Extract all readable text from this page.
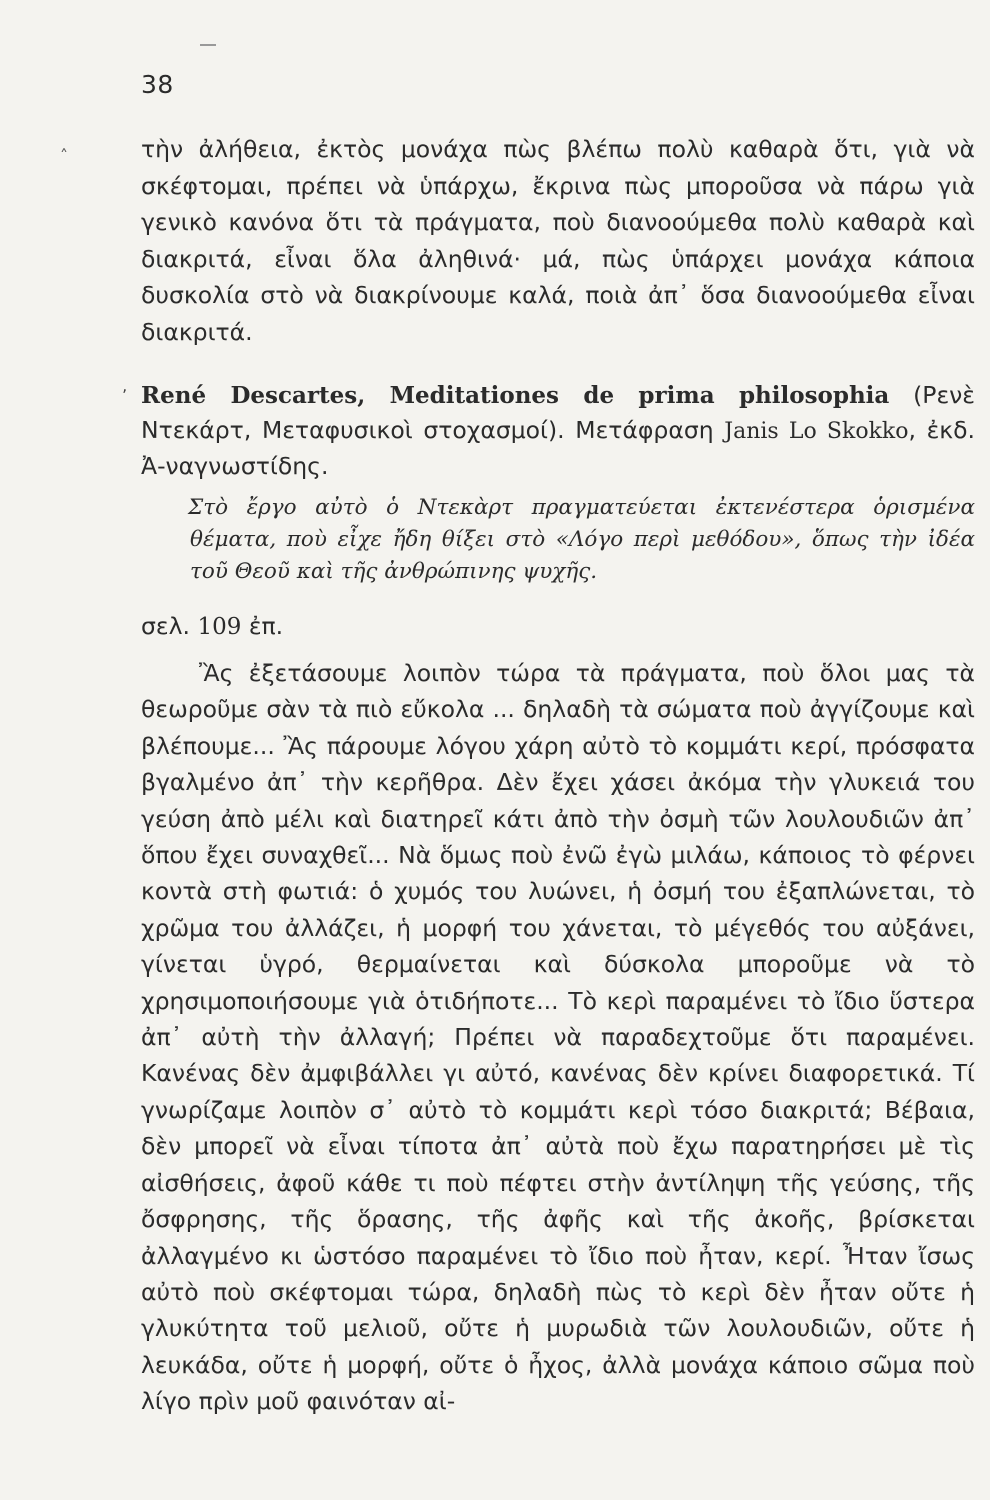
38
˄	τὴν ἀλήθεια, ἐκτὸς μονάχα πὼς βλέπω πολὺ καθαρὰ ὅτι, γιὰ νὰ σκέφτομαι, πρέπει νὰ ὑπάρχω, ἔκρινα πὼς μποροῦσα νὰ πάρω γιὰ γενικὸ κανόνα ὅτι τὰ πράγματα, ποὺ διανοούμεθα πολὺ καθαρὰ καὶ διακριτά, εἶναι ὅλα ἀληθινά· μά, πὼς ὑπάρχει μονάχα κάποια δυσκολία στὸ νὰ διακρίνουμε καλά, ποιὰ ἀπ᾽ ὅσα διανοούμεθα εἶναι διακριτά.

ʼ René Descartes, Meditationes de prima philosophia (Ρενὲ Ντεκάρτ, Μεταφυσικοὶ στοχασμοί). Μετάφραση Janis Lo Skokko, ἐκδ. Ἀ-ναγνωστίδης.
Στὸ ἔργο αὐτὸ ὁ Ντεκὰρτ πραγματεύεται ἐκτενέστερα ὁρισμένα θέματα, ποὺ εἶχε ἤδη θίξει στὸ «Λόγο περὶ μεθόδου», ὅπως τὴν ἰδέα τοῦ Θεοῦ καὶ τῆς ἀνθρώπινης ψυχῆς.
σελ. 109 ἐπ.

Ἂς ἐξετάσουμε λοιπὸν τώρα τὰ πράγματα, ποὺ ὅλοι μας τὰ θεωροῦμε σὰν τὰ πιὸ εὔκολα ... δηλαδὴ τὰ σώματα ποὺ ἀγγίζουμε καὶ βλέπουμε... Ἂς πάρουμε λόγου χάρη αὐτὸ τὸ κομμάτι κερί, πρόσφατα βγαλμένο ἀπ᾽ τὴν κερῆθρα. Δὲν ἔχει χάσει ἀκόμα τὴν γλυκειά του γεύση ἀπὸ μέλι καὶ διατηρεῖ κάτι ἀπὸ τὴν ὀσμὴ τῶν λουλουδιῶν ἀπ᾽ ὅπου ἔχει συναχθεῖ... Νὰ ὅμως ποὺ ἐνῶ ἐγὼ μιλάω, κάποιος τὸ φέρνει κοντὰ στὴ φωτιά: ὁ χυμός του λυώνει, ἡ ὀσμή του ἐξαπλώνεται, τὸ χρῶμα του ἀλλάζει, ἡ μορφή του χάνεται, τὸ μέγεθός του αὐξάνει, γίνεται ὑγρό, θερμαίνεται καὶ δύσκολα μποροῦμε νὰ τὸ χρησιμοποιήσουμε γιὰ ὁτιδήποτε... Τὸ κερὶ παραμένει τὸ ἴδιο ὕστερα ἀπ᾽ αὐτὴ τὴν ἀλλαγή; Πρέπει νὰ παραδεχτοῦμε ὅτι παραμένει. Κανένας δὲν ἀμφιβάλλει γι αὐτό, κανένας δὲν κρίνει διαφορετικά. Τί γνωρίζαμε λοιπὸν σ᾽ αὐτὸ τὸ κομμάτι κερὶ τόσο διακριτά; Βέβαια, δὲν μπορεῖ νὰ εἶναι τίποτα ἀπ᾽ αὐτὰ ποὺ ἔχω παρατηρήσει μὲ τὶς αἰσθήσεις, ἀφοῦ κάθε τι ποὺ πέφτει στὴν ἀντίληψη τῆς γεύσης, τῆς ὄσφρησης, τῆς ὅρασης, τῆς ἀφῆς καὶ τῆς ἀκοῆς, βρίσκεται ἀλλαγμένο κι ὡστόσο παραμένει τὸ ἴδιο ποὺ ἦταν, κερί. Ἦταν ἴσως αὐτὸ ποὺ σκέφτομαι τώρα, δηλαδὴ πὼς τὸ κερὶ δὲν ἦταν οὔτε ἡ γλυκύτητα τοῦ μελιοῦ, οὔτε ἡ μυρωδιὰ τῶν λουλουδιῶν, οὔτε ἡ λευκάδα, οὔτε ἡ μορφή, οὔτε ὁ ἦχος, ἀλλὰ μονάχα κάποιο σῶμα ποὺ λίγο πρὶν μοῦ φαινόταν αἰ-
